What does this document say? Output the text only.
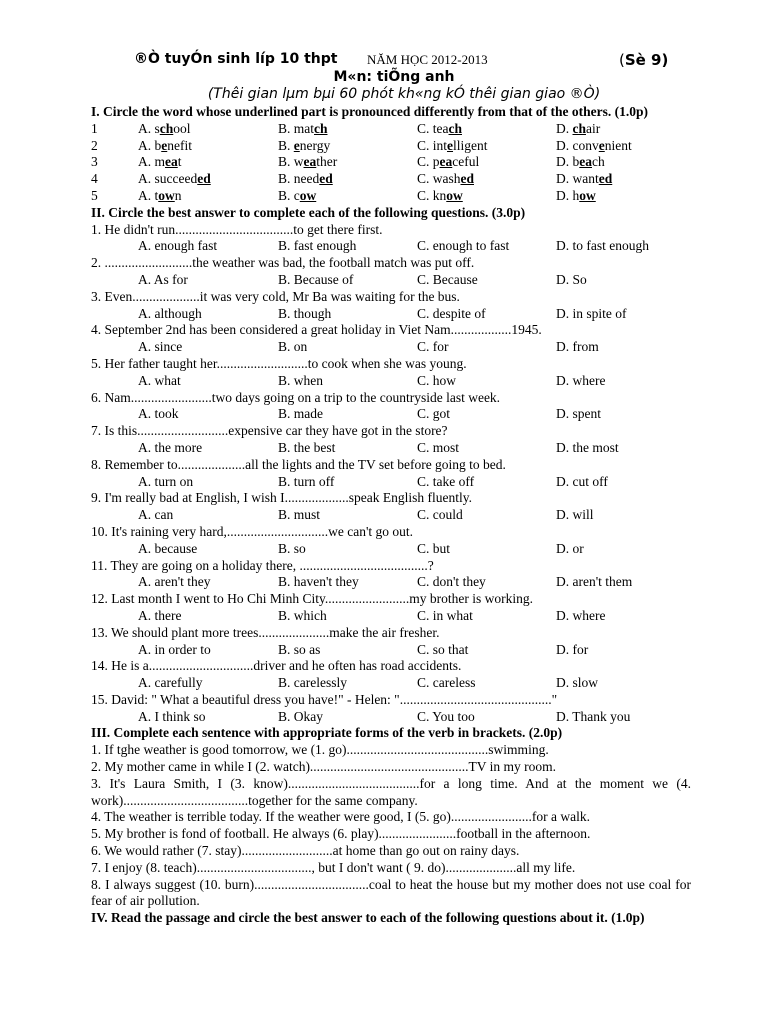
®Ò tuyÓn sinh líp 10 thpt NĂM HỌC 2012-2013	(Sè 9)
M«n: tiÕng anh
(Thêi gian lµm bµi 60 phót kh«ng kÓ thêi gian giao ®Ò)
I. Circle the word whose underlined part is pronounced differently from that of the others. (1.0p)
1	A. school	B. match	C. teach	D. chair
2	A. benefit	B. energy	C. intelligent	D. convenient
3	A. meat	B. weather	C. peaceful	D. beach
4	A. succeeded	B. needed	C. washed	D. wanted
5	A. town	B. cow	C. know	D. how
II. Circle the best answer to complete each of the following questions. (3.0p)
1. He didn't run...................................to get there first.
A. enough fast	B. fast enough	C. enough to fast	D. to fast enough
2. ..........................the weather was bad, the football match was put off.
A. As for	B. Because of	C. Because	D. So
3. Even....................it was very cold, Mr Ba was waiting for the bus.
A. although	B. though	C. despite of	D. in spite of
4. September 2nd has been considered a great holiday in Viet Nam..................1945.
A. since	B. on	C. for	D. from
5. Her father taught her...........................to cook when she was young.
A. what	B. when	C. how	D. where
6. Nam........................two days going on a trip to the countryside last week.
A. took	B. made	C. got	D. spent
7. Is this...........................expensive car they have got in the store?
A. the more	B. the best	C. most	D. the most
8. Remember to....................all the lights and the TV set before going to bed.
A. turn on	B. turn off	C. take off	D. cut off
9. I'm really bad at English, I wish I...................speak English fluently.
A. can	B. must	C. could	D. will
10. It's raining very hard,..............................we can't go out.
A. because	B. so	C. but	D. or
11. They are going on a holiday there, ......................................?
A. aren't they	B. haven't they	C. don't they	D. aren't them
12. Last month I went to Ho Chi Minh City.........................my brother is working.
A. there	B. which	C. in what	D. where
13. We should plant more trees.....................make the air fresher.
A. in order to	B. so as	C. so that	D. for
14. He is a...............................driver and he often has road accidents.
A. carefully	B. carelessly	C. careless	D. slow
15. David: " What a beautiful dress you have!" - Helen: "............................................."
A. I think so	B. Okay	C. You too	D. Thank you
III. Complete each sentence with appropriate forms of the verb in brackets. (2.0p)
1. If tghe weather is good tomorrow, we (1. go)..........................................swimming.
2. My mother came in while I (2. watch)...............................................TV in my room.
3. It's Laura Smith, I (3. know).......................................for a long time. And at the moment we (4. work).....................................together for the same company.
4. The weather is terrible today. If the weather were good, I (5. go)........................for a walk.
5. My brother is fond of football. He always (6. play).......................football in the afternoon.
6. We would rather (7. stay)...........................at home than go out on rainy days.
7. I enjoy (8. teach).................................., but I don't want ( 9. do).....................all my life.
8. I always suggest (10. burn)..................................coal to heat the house but my mother does not use coal for fear of air pollution.
IV. Read the passage and circle the best answer to each of the following questions about it. (1.0p)
